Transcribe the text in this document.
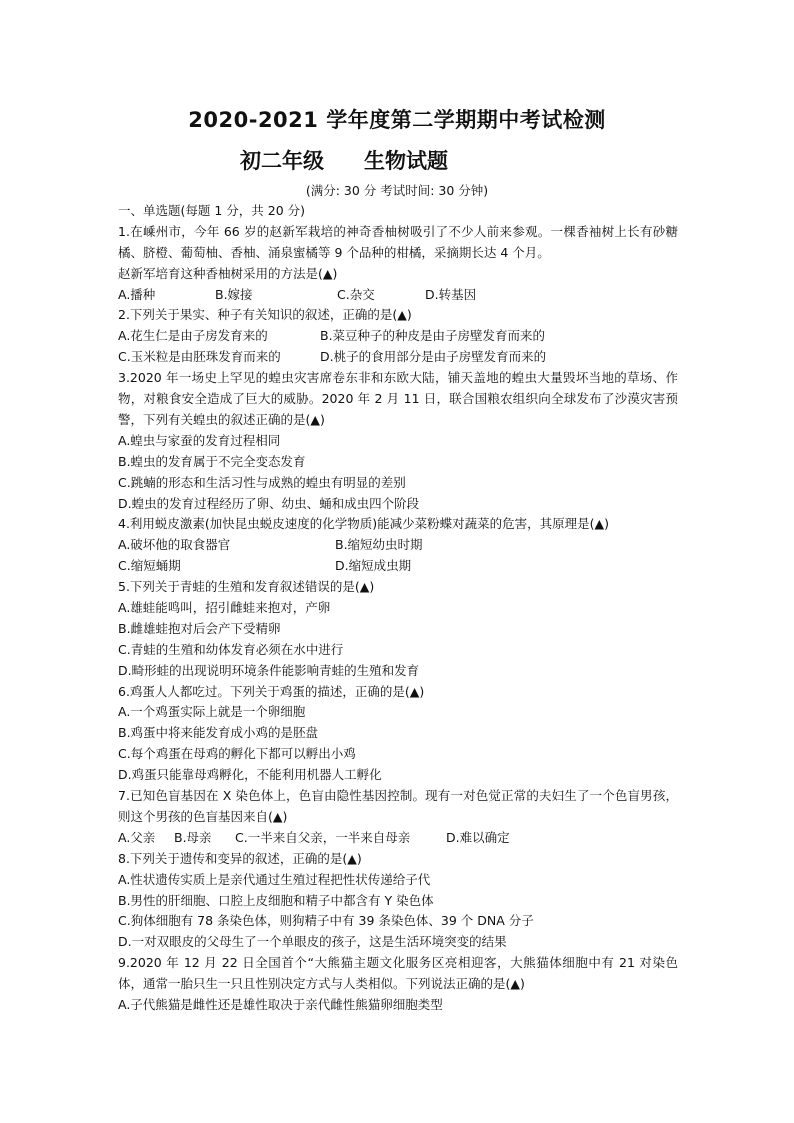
2020-2021 学年度第二学期期中考试检测
初二年级 生物试题
(满分: 30 分 考试时间: 30 分钟)
一、单选题(每题 1 分，共 20 分)
1.在嵊州市，今年 66 岁的赵新军栽培的神奇香柚树吸引了不少人前来参观。一棵香袖树上长有砂糖橘、脐橙、葡萄柚、香柚、涌泉蜜橘等 9 个品种的柑橘，采摘期长达 4 个月。
赵新军培育这种香柚树采用的方法是(▲)
A.播种	B.嫁接	C.杂交	D.转基因
2.下列关于果实、种子有关知识的叙述，正确的是(▲)
A.花生仁是由子房发育来的	B.菜豆种子的种皮是由子房壁发育而来的
C.玉米粒是由胚珠发育而来的	D.桃子的食用部分是由子房壁发育而来的
3.2020 年一场史上罕见的蝗虫灾害席卷东非和东欧大陆，铺天盖地的蝗虫大量毁坏当地的草场、作物，对粮食安全造成了巨大的威胁。2020 年 2 月 11 日，联合国粮农组织向全球发布了沙漠灾害预警，下列有关蝗虫的叙述正确的是(▲)
A.蝗虫与家蚕的发育过程相同
B.蝗虫的发育属于不完全变态发育
C.跳蝻的形态和生活习性与成熟的蝗虫有明显的差别
D.蝗虫的发育过程经历了卵、幼虫、蛹和成虫四个阶段
4.利用蜕皮激素(加快昆虫蜕皮速度的化学物质)能减少菜粉蝶对蔬菜的危害，其原理是(▲)
A.破坏他的取食器官	B.缩短幼虫时期
C.缩短蛹期	D.缩短成虫期
5.下列关于青蛙的生殖和发育叙述错误的是(▲)
A.雄蛙能鸣叫，招引雌蛙来抱对，产卵
B.雌雄蛙抱对后会产下受精卵
C.青蛙的生殖和幼体发育必须在水中进行
D.畸形蛙的出现说明环境条件能影响青蛙的生殖和发育
6.鸡蛋人人都吃过。下列关于鸡蛋的描述，正确的是(▲)
A.一个鸡蛋实际上就是一个卵细胞
B.鸡蛋中将来能发育成小鸡的是胚盘
C.每个鸡蛋在母鸡的孵化下都可以孵出小鸡
D.鸡蛋只能靠母鸡孵化，不能利用机器人工孵化
7.已知色盲基因在 X 染色体上，色盲由隐性基因控制。现有一对色觉正常的夫妇生了一个色盲男孩，则这个男孩的色盲基因来自(▲)
A.父亲	B.母亲	C.一半来自父亲，一半来自母亲	D.难以确定
8.下列关于遗传和变异的叙述，正确的是(▲)
A.性状遗传实质上是亲代通过生殖过程把性状传递给子代
B.男性的肝细胞、口腔上皮细胞和精子中都含有 Y 染色体
C.狗体细胞有 78 条染色体，则狗精子中有 39 条染色体、39 个 DNA 分子
D.一对双眼皮的父母生了一个单眼皮的孩子，这是生活环境突变的结果
9.2020 年 12 月 22 日全国首个“大熊猫主题文化服务区亮相迎客，大熊猫体细胞中有 21 对染色体，通常一胎只生一只且性别决定方式与人类相似。下列说法正确的是(▲)
A.子代熊猫是雌性还是雄性取决于亲代雌性熊猫卵细胞类型
